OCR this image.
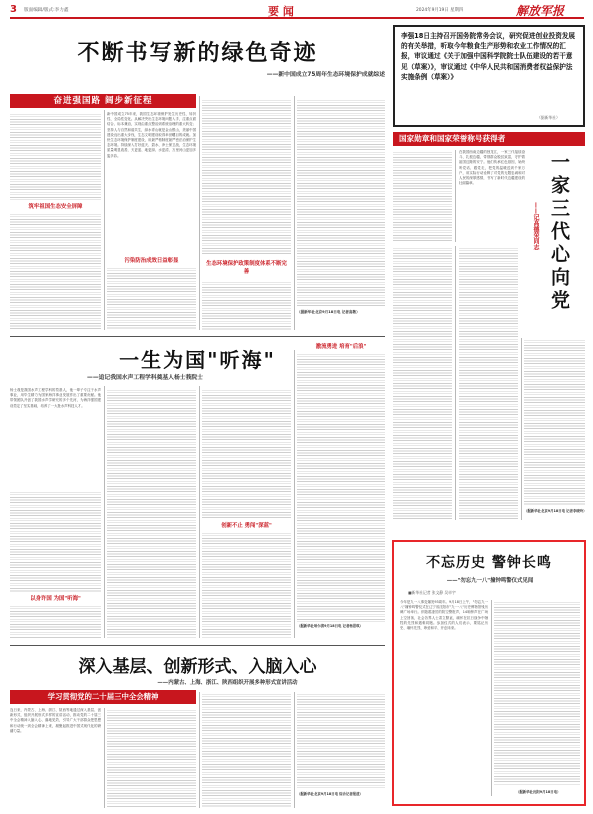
3 版面编辑/版式:李力鑫	要 闻	2024年9月19日 星期四	解放军报
不断书写新的绿色奇迹
——新中国成立75周年生态环境保护成就综述
奋进强国路 阔步新征程
筑牢祖国生态安全屏障
新中国成立75年来，我国生态环境保护发生历史性、转折性、全局性变化。从解决突出生态环境问题入手，注重点面结合、标本兼治，实现由重点整治到系统治理的重大转变；坚持人与自然和谐共生，绿水青山就是金山银山，美丽中国建设迈出重大步伐，生态文明建设取得举世瞩目的成就。加快生态环境保护制度建设，用最严格制度最严密法治保护生态环境。持续深入打好蓝天、碧水、净土保卫战，生态环境质量明显改善，天更蓝、地更绿、水更清，万里河山更加多姿多彩。
污染防治成效日益彰显	生态环境保护政策制度体系不断完善
（据新华社北京9月18日电 记者高敬）
李强18日主持召开国务院常务会议，研究促进创业投资发展的有关举措，听取今年粮食生产形势和农业工作情况的汇报，审议通过《关于加强中国科学院院士队伍建设的若干意见（草案）》，审议通过《中华人民共和国消费者权益保护法实施条例（草案）》
（据新华社）
国家勋章和国家荣誉称号获得者
在我国西南边疆的独龙江，一家三代接续奋斗、扎根边疆，带领群众脱贫致富，守护着祖国边陲的安宁。他们传承红色基因，始终听党话、跟党走，把党的温暖送到千家万户，用实际行动诠释了对党的无限忠诚和对人民的深厚感情，书写了新时代边疆建设的壮丽篇章。	一家三代心向党
——记高德荣同志
（据新华社北京9月18日电 记者李晓玲）
一生为国"听海"
——追记我国水声工程学科奠基人杨士莪院士
杨士莪是我国水声工程学科的奠基人，他一辈子专注于水声事业，用毕生精力为国家海洋事业发展作出了重要贡献。他带领团队开创了我国水声学研究的多个先河，为海洋强国建设奠定了坚实基础，培养了一大批水声科技人才。
以身许国 为国"听海"
创新不止 勇闯"深蓝"
激流勇进 培育"后浪"
（据新华社哈尔滨9月18日电 记者杨思琪）
深入基层、创新形式、入脑入心
——内蒙古、上海、浙江、陕西组织开展多种形式宣讲活动
学习贯彻党的二十届三中全会精神
连日来，内蒙古、上海、浙江、陕西等地通过深入基层、创新形式，组织开展形式多样的宣讲活动，推动党的二十届三中全会精神入脑入心、落地见效，引导广大干部群众把思想和行动统一到全会精神上来，凝聚起推进中国式现代化的磅礴力量。
（据新华社北京9月18日电 综合记者报道）
不忘历史 警钟长鸣
——"勿忘九一八"撞钟鸣警仪式见闻
■新华社记者 张文静 吴卓宇
今年是九一八事变爆发93周年。9月18日上午，"勿忘九一八"撞钟鸣警仪式在辽宁省沈阳市"九·一八"历史博物馆残历碑广场举行。伴随着凄厉的防空警报声，14响钟声在广场上空回荡，社会各界人士肃立默哀，缅怀在抗日战争中牺牲的先烈和遇难同胞。参加仪式的人们表示，要铭记历史、缅怀先烈、珍爱和平、开创未来。
（据新华社沈阳9月18日电）
